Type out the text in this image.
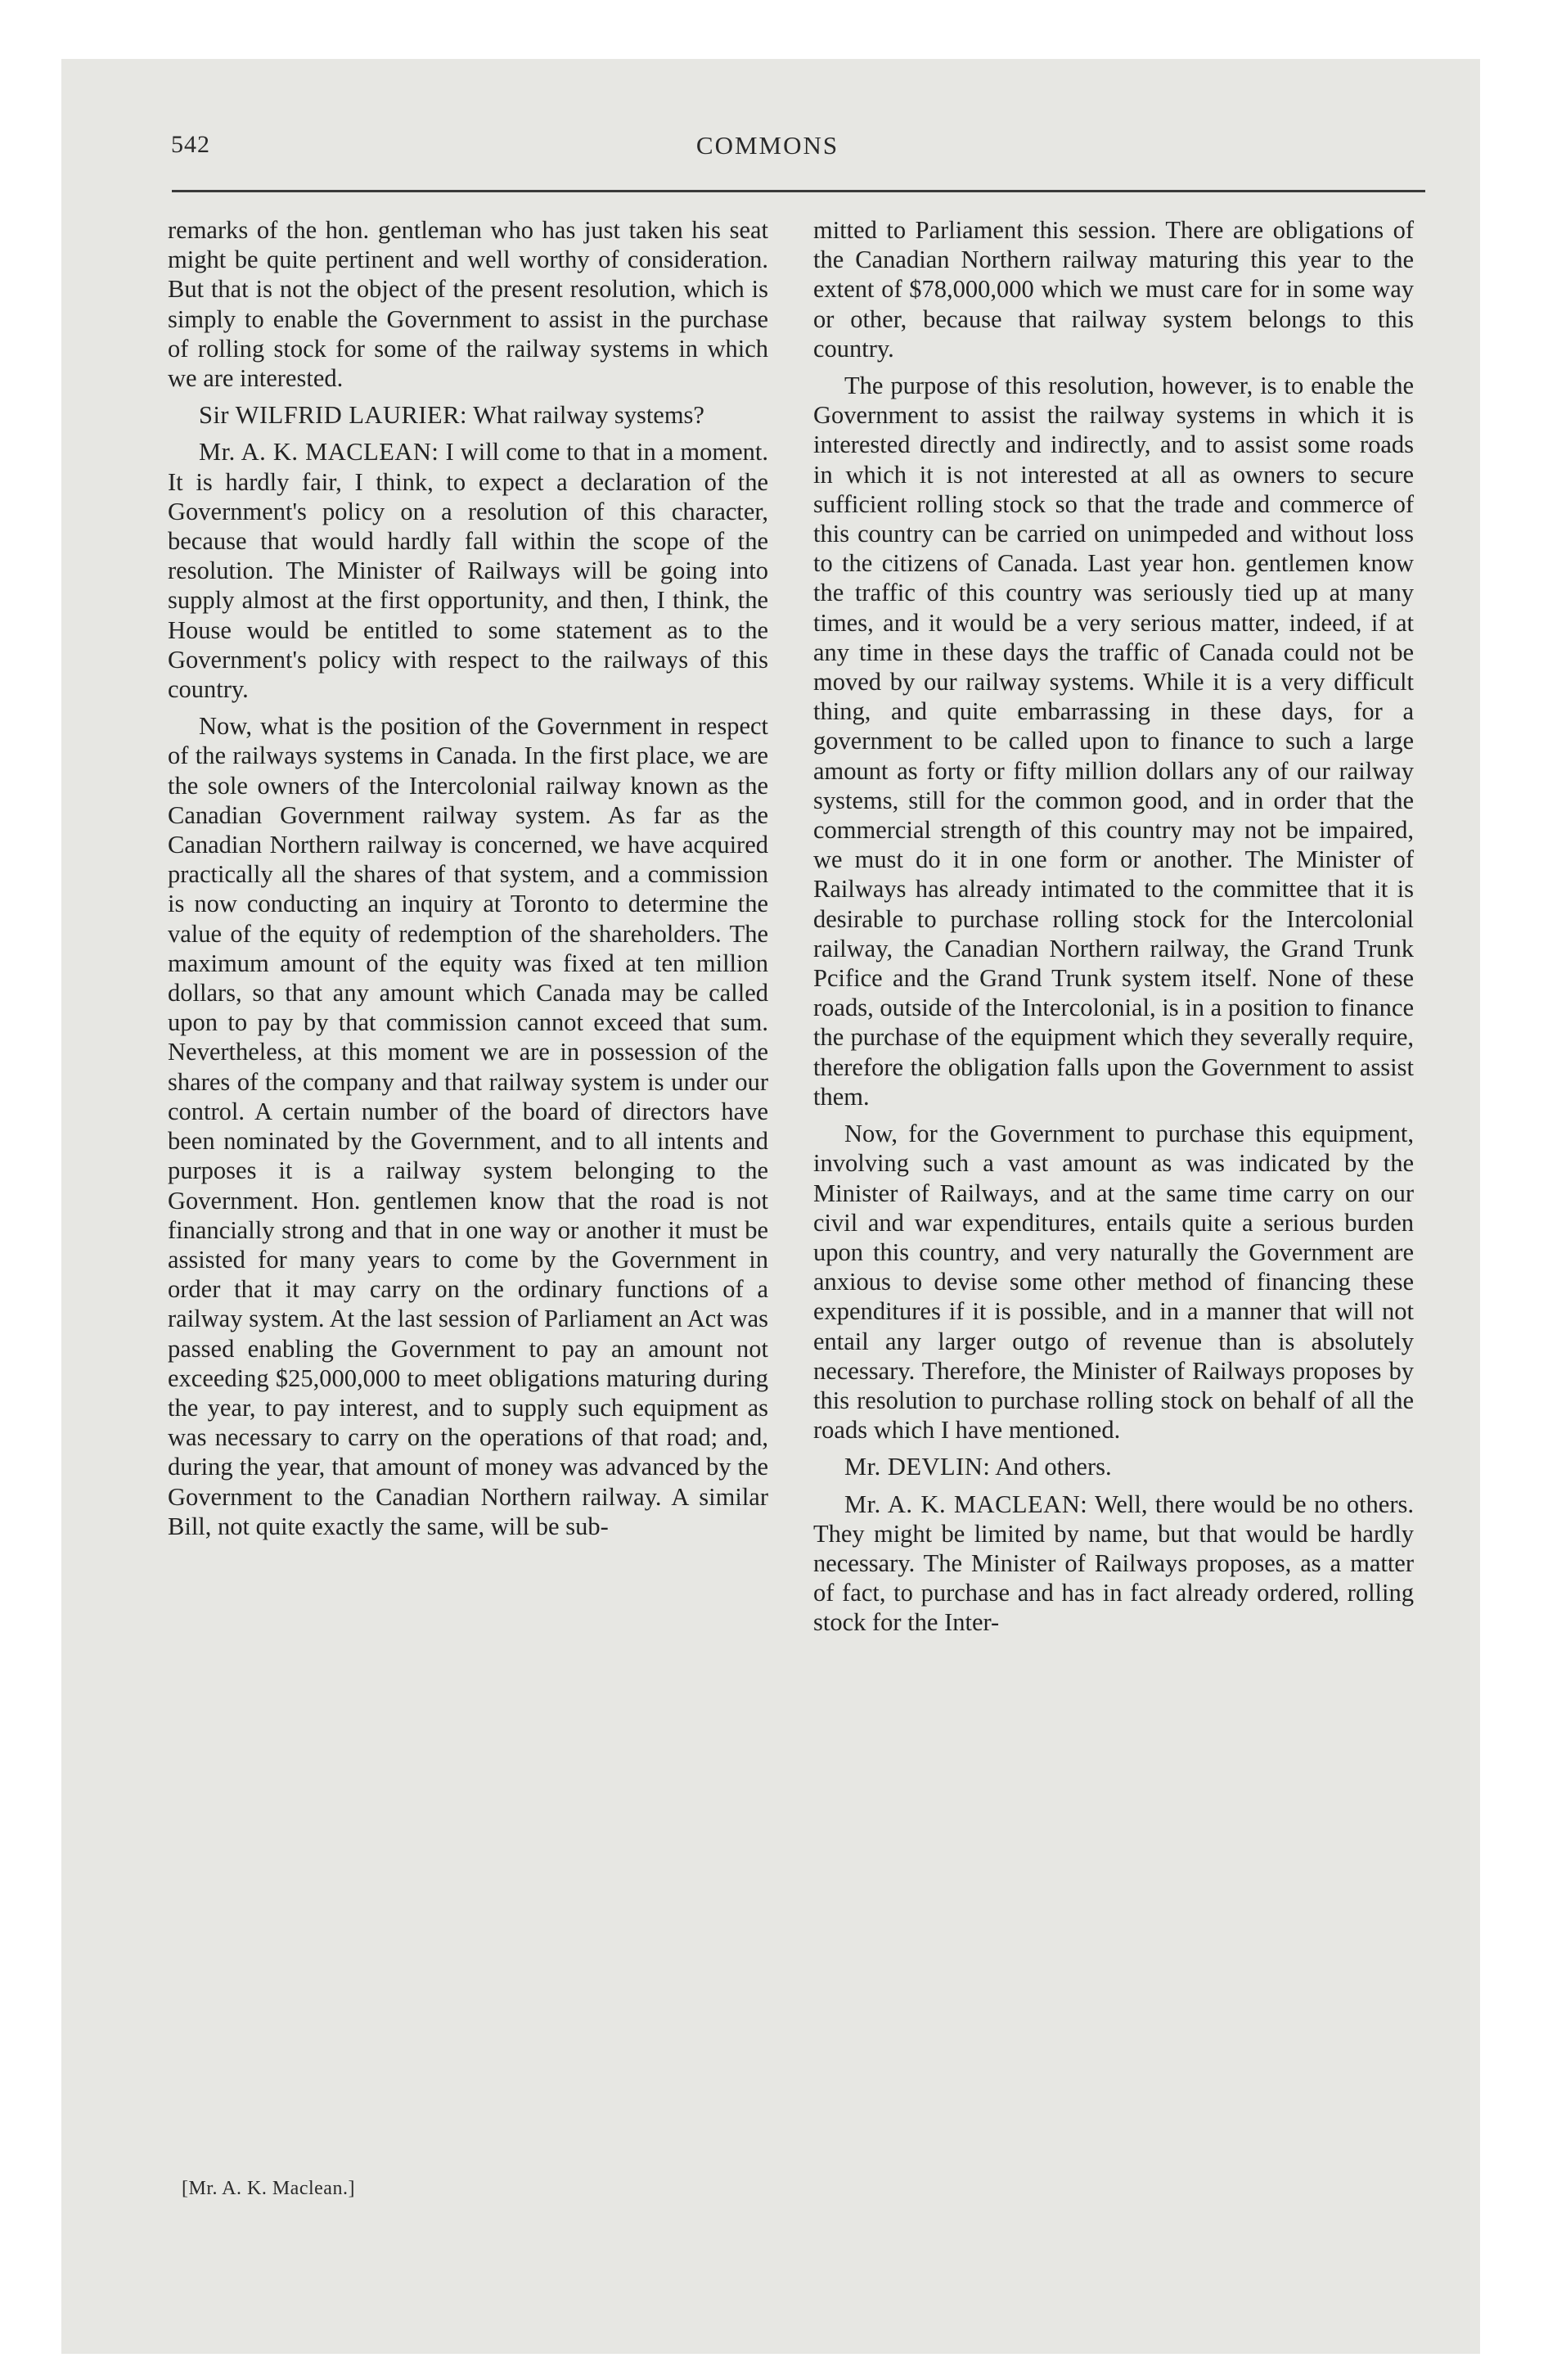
542	COMMONS

remarks of the hon. gentleman who has just taken his seat might be quite pertinent and well worthy of consideration. But that is not the object of the present resolution, which is simply to enable the Government to assist in the purchase of rolling stock for some of the railway systems in which we are interested.

Sir WILFRID LAURIER: What railway systems?

Mr. A. K. MACLEAN: I will come to that in a moment. It is hardly fair, I think, to expect a declaration of the Government's policy on a resolution of this character, because that would hardly fall within the scope of the resolution. The Minister of Railways will be going into supply almost at the first opportunity, and then, I think, the House would be entitled to some statement as to the Government's policy with respect to the railways of this country.

Now, what is the position of the Government in respect of the railways systems in Canada. In the first place, we are the sole owners of the Intercolonial railway known as the Canadian Government railway system. As far as the Canadian Northern railway is concerned, we have acquired practically all the shares of that system, and a commission is now conducting an inquiry at Toronto to determine the value of the equity of redemption of the shareholders. The maximum amount of the equity was fixed at ten million dollars, so that any amount which Canada may be called upon to pay by that commission cannot exceed that sum. Nevertheless, at this moment we are in possession of the shares of the company and that railway system is under our control. A certain number of the board of directors have been nominated by the Government, and to all intents and purposes it is a railway system belonging to the Government. Hon. gentlemen know that the road is not financially strong and that in one way or another it must be assisted for many years to come by the Government in order that it may carry on the ordinary functions of a railway system. At the last session of Parliament an Act was passed enabling the Government to pay an amount not exceeding $25,000,000 to meet obligations maturing during the year, to pay interest, and to supply such equipment as was necessary to carry on the operations of that road; and, during the year, that amount of money was advanced by the Government to the Canadian Northern railway. A similar Bill, not quite exactly the same, will be sub-

mitted to Parliament this session. There are obligations of the Canadian Northern railway maturing this year to the extent of $78,000,000 which we must care for in some way or other, because that railway system belongs to this country.

The purpose of this resolution, however, is to enable the Government to assist the railway systems in which it is interested directly and indirectly, and to assist some roads in which it is not interested at all as owners to secure sufficient rolling stock so that the trade and commerce of this country can be carried on unimpeded and without loss to the citizens of Canada. Last year hon. gentlemen know the traffic of this country was seriously tied up at many times, and it would be a very serious matter, indeed, if at any time in these days the traffic of Canada could not be moved by our railway systems. While it is a very difficult thing, and quite embarrassing in these days, for a government to be called upon to finance to such a large amount as forty or fifty million dollars any of our railway systems, still for the common good, and in order that the commercial strength of this country may not be impaired, we must do it in one form or another. The Minister of Railways has already intimated to the committee that it is desirable to purchase rolling stock for the Intercolonial railway, the Canadian Northern railway, the Grand Trunk Pcifice and the Grand Trunk system itself. None of these roads, outside of the Intercolonial, is in a position to finance the purchase of the equipment which they severally require, therefore the obligation falls upon the Government to assist them.

Now, for the Government to purchase this equipment, involving such a vast amount as was indicated by the Minister of Railways, and at the same time carry on our civil and war expenditures, entails quite a serious burden upon this country, and very naturally the Government are anxious to devise some other method of financing these expenditures if it is possible, and in a manner that will not entail any larger outgo of revenue than is absolutely necessary. Therefore, the Minister of Railways proposes by this resolution to purchase rolling stock on behalf of all the roads which I have mentioned.

Mr. DEVLIN: And others.

Mr. A. K. MACLEAN: Well, there would be no others. They might be limited by name, but that would be hardly necessary. The Minister of Railways proposes, as a matter of fact, to purchase and has in fact already ordered, rolling stock for the Inter-

[Mr. A. K. Maclean.]
